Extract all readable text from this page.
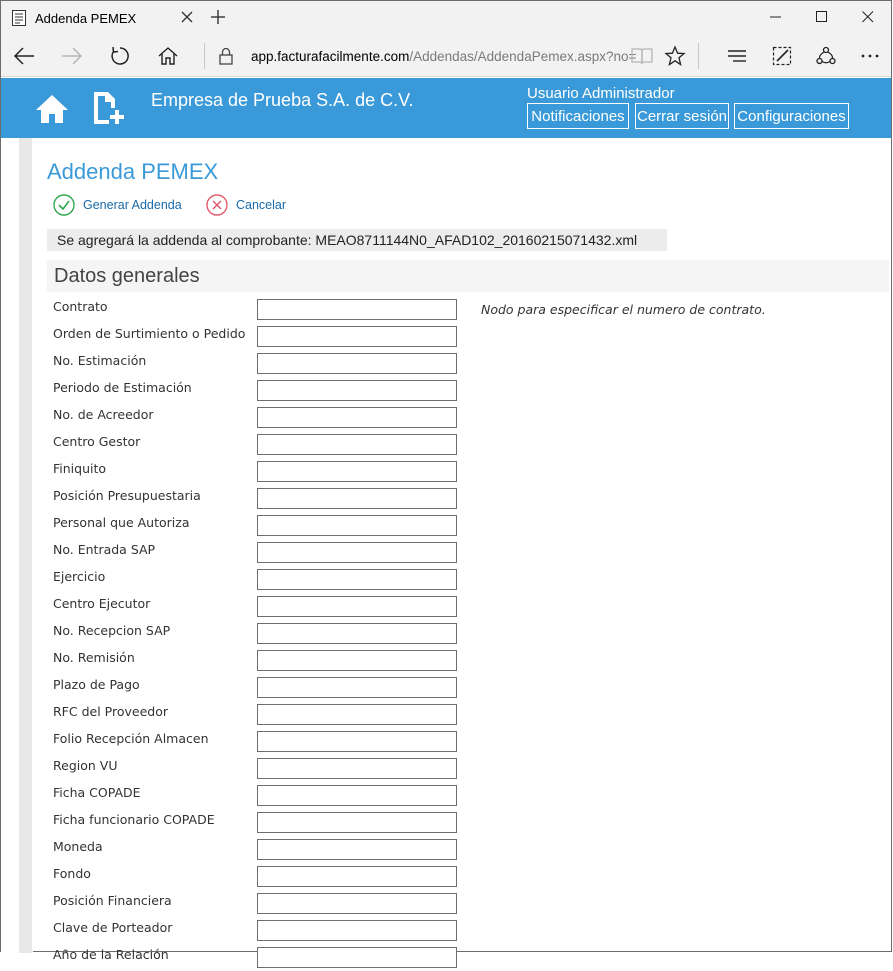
Addenda PEMEX
app.facturafacilmente.com/Addendas/AddendaPemex.aspx?no=
Empresa de Prueba S.A. de C.V.	Usuario Administrador
Notificaciones Cerrar sesión Configuraciones
Addenda PEMEX
Generar Addenda	Cancelar
Se agregará la addenda al comprobante: MEAO8711144N0_AFAD102_20160215071432.xml
Datos generales
Contrato	Nodo para especificar el numero de contrato.
Orden de Surtimiento o Pedido
No. Estimación
Periodo de Estimación
No. de Acreedor
Centro Gestor
Finiquito
Posición Presupuestaria
Personal que Autoriza
No. Entrada SAP
Ejercicio
Centro Ejecutor
No. Recepcion SAP
No. Remisión
Plazo de Pago
RFC del Proveedor
Folio Recepción Almacen
Region VU
Ficha COPADE
Ficha funcionario COPADE
Moneda
Fondo
Posición Financiera
Clave de Porteador
Año de la Relación
